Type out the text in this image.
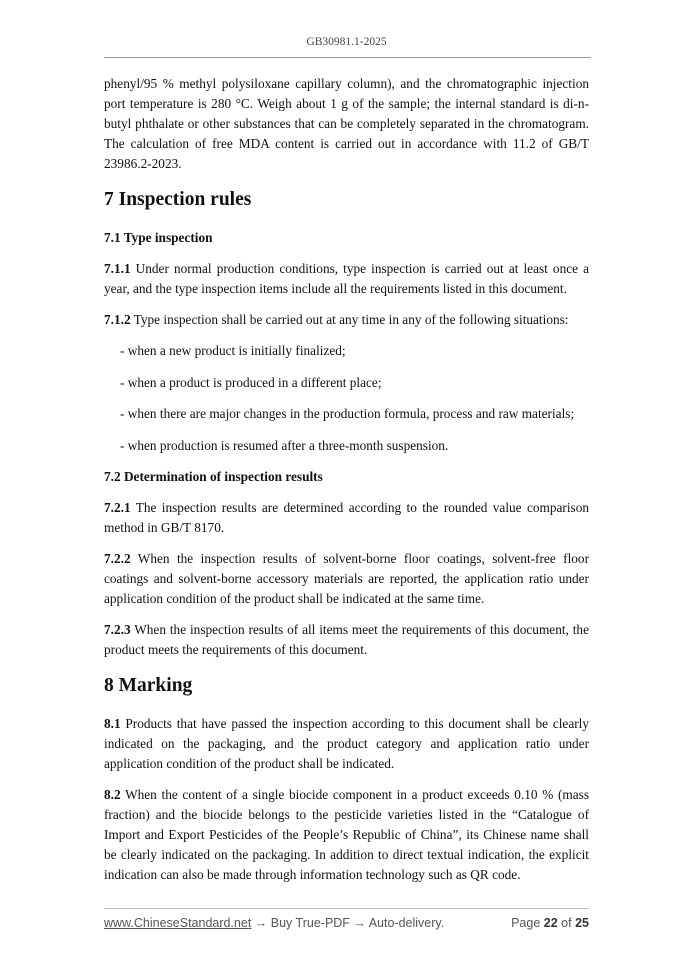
GB30981.1-2025

phenyl/95 % methyl polysiloxane capillary column), and the chromatographic injection port temperature is 280 °C. Weigh about 1 g of the sample; the internal standard is di-n-butyl phthalate or other substances that can be completely separated in the chromatogram. The calculation of free MDA content is carried out in accordance with 11.2 of GB/T 23986.2-2023.

7 Inspection rules
7.1 Type inspection

7.1.1 Under normal production conditions, type inspection is carried out at least once a year, and the type inspection items include all the requirements listed in this document.

7.1.2 Type inspection shall be carried out at any time in any of the following situations:

- when a new product is initially finalized;

- when a product is produced in a different place;

- when there are major changes in the production formula, process and raw materials;

- when production is resumed after a three-month suspension.

7.2 Determination of inspection results

7.2.1 The inspection results are determined according to the rounded value comparison method in GB/T 8170.

7.2.2 When the inspection results of solvent-borne floor coatings, solvent-free floor coatings and solvent-borne accessory materials are reported, the application ratio under application condition of the product shall be indicated at the same time.

7.2.3 When the inspection results of all items meet the requirements of this document, the product meets the requirements of this document.

8 Marking

8.1 Products that have passed the inspection according to this document shall be clearly indicated on the packaging, and the product category and application ratio under application condition of the product shall be indicated.

8.2 When the content of a single biocide component in a product exceeds 0.10 % (mass fraction) and the biocide belongs to the pesticide varieties listed in the “Catalogue of Import and Export Pesticides of the People’s Republic of China”, its Chinese name shall be clearly indicated on the packaging. In addition to direct textual indication, the explicit indication can also be made through information technology such as QR code.

www.ChineseStandard.net → Buy True-PDF → Auto-delivery.	Page 22 of 25
